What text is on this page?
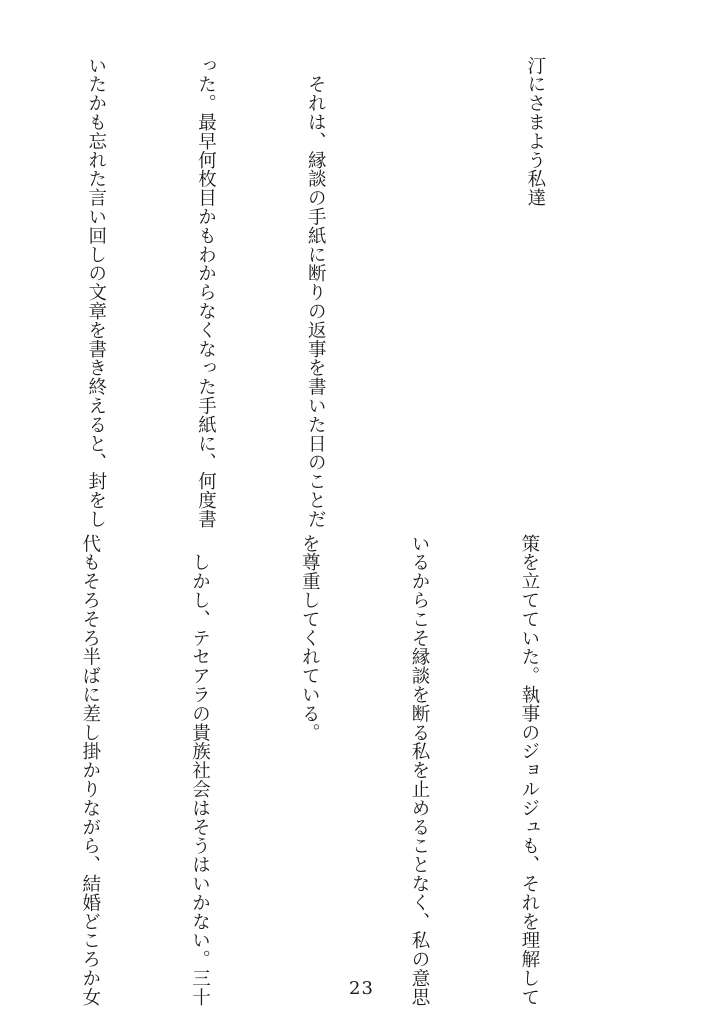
汀にさまよう私達

　それは、縁談の手紙に断りの返事を書いた日のことだ

った。最早何枚目かもわからなくなった手紙に、何度書

いたかも忘れた言い回しの文章を書き終えると、封をし

策を立てていた。執事のジョルジュも、それを理解して

いるからこそ縁談を断る私を止めることなく、私の意思

を尊重してくれている。

　しかし、テセアラの貴族社会はそうはいかない。三十

代もそろそろ半ばに差し掛かりながら、結婚どころか女

	23
